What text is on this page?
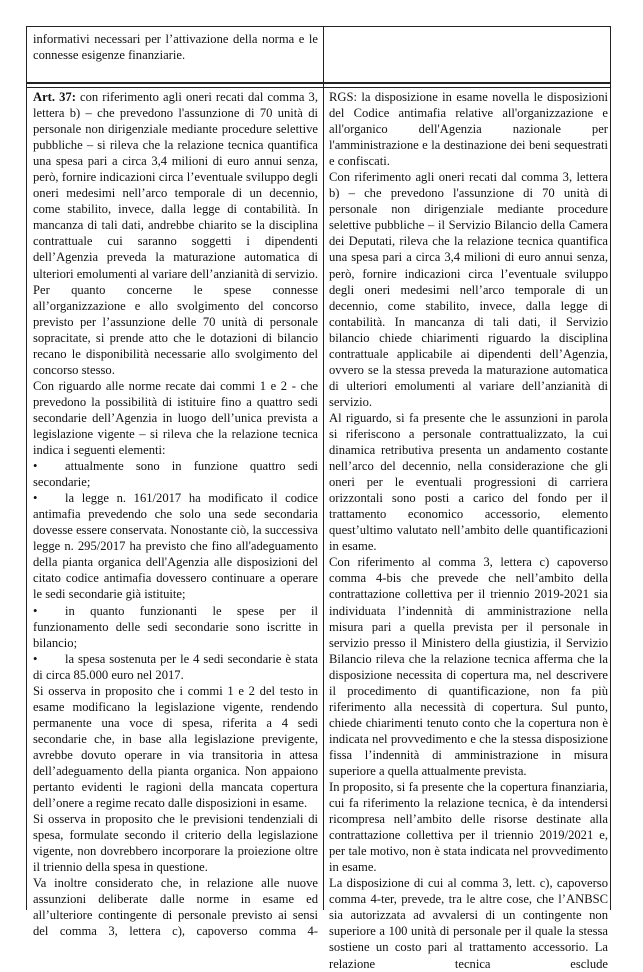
informativi necessari per l’attivazione della norma e le connesse esigenze finanziarie.

Art. 37: con riferimento agli oneri recati dal comma 3, lettera b) – che prevedono l'assunzione di 70 unità di personale non dirigenziale mediante procedure selettive pubbliche – si rileva che la relazione tecnica quantifica una spesa pari a circa 3,4 milioni di euro annui senza, però, fornire indicazioni circa l’eventuale sviluppo degli oneri medesimi nell’arco temporale di un decennio, come stabilito, invece, dalla legge di contabilità. In mancanza di tali dati, andrebbe chiarito se la disciplina contrattuale cui saranno soggetti i dipendenti dell’Agenzia preveda la maturazione automatica di ulteriori emolumenti al variare dell’anzianità di servizio.

Per quanto concerne le spese connesse all’organizzazione e allo svolgimento del concorso previsto per l’assunzione delle 70 unità di personale sopracitate, si prende atto che le dotazioni di bilancio recano le disponibilità necessarie allo svolgimento del concorso stesso.

Con riguardo alle norme recate dai commi 1 e 2 - che prevedono la possibilità di istituire fino a quattro sedi secondarie dell’Agenzia in luogo dell’unica prevista a legislazione vigente – si rileva che la relazione tecnica indica i seguenti elementi:

• attualmente sono in funzione quattro sedi secondarie;

• la legge n. 161/2017 ha modificato il codice antimafia prevedendo che solo una sede secondaria dovesse essere conservata. Nonostante ciò, la successiva legge n. 295/2017 ha previsto che fino all'adeguamento della pianta organica dell'Agenzia alle disposizioni del citato codice antimafia dovessero continuare a operare le sedi secondarie già istituite;

• in quanto funzionanti le spese per il funzionamento delle sedi secondarie sono iscritte in bilancio;

• la spesa sostenuta per le 4 sedi secondarie è stata di circa 85.000 euro nel 2017.

Si osserva in proposito che i commi 1 e 2 del testo in esame modificano la legislazione vigente, rendendo permanente una voce di spesa, riferita a 4 sedi secondarie che, in base alla legislazione previgente, avrebbe dovuto operare in via transitoria in attesa dell’adeguamento della pianta organica. Non appaiono pertanto evidenti le ragioni della mancata copertura dell’onere a regime recato dalle disposizioni in esame.

Si osserva in proposito che le previsioni tendenziali di spesa, formulate secondo il criterio della legislazione vigente, non dovrebbero incorporare la proiezione oltre il triennio della spesa in questione.

Va inoltre considerato che, in relazione alle nuove assunzioni deliberate dalle norme in esame ed all’ulteriore contingente di personale previsto ai sensi del comma 3, lettera c), capoverso comma 4-

RGS: la disposizione in esame novella le disposizioni del Codice antimafia relative all'organizzazione e all'organico dell'Agenzia nazionale per l'amministrazione e la destinazione dei beni sequestrati e confiscati.

Con riferimento agli oneri recati dal comma 3, lettera b) – che prevedono l'assunzione di 70 unità di personale non dirigenziale mediante procedure selettive pubbliche – il Servizio Bilancio della Camera dei Deputati, rileva che la relazione tecnica quantifica una spesa pari a circa 3,4 milioni di euro annui senza, però, fornire indicazioni circa l’eventuale sviluppo degli oneri medesimi nell’arco temporale di un decennio, come stabilito, invece, dalla legge di contabilità. In mancanza di tali dati, il Servizio bilancio chiede chiarimenti riguardo la disciplina contrattuale applicabile ai dipendenti dell’Agenzia, ovvero se la stessa preveda la maturazione automatica di ulteriori emolumenti al variare dell’anzianità di servizio.

Al riguardo, si fa presente che le assunzioni in parola si riferiscono a personale contrattualizzato, la cui dinamica retributiva presenta un andamento costante nell’arco del decennio, nella considerazione che gli oneri per le eventuali progressioni di carriera orizzontali sono posti a carico del fondo per il trattamento economico accessorio, elemento quest’ultimo valutato nell’ambito delle quantificazioni in esame.

Con riferimento al comma 3, lettera c) capoverso comma 4-bis che prevede che nell’ambito della contrattazione collettiva per il triennio 2019-2021 sia individuata l’indennità di amministrazione nella misura pari a quella prevista per il personale in servizio presso il Ministero della giustizia, il Servizio Bilancio rileva che la relazione tecnica afferma che la disposizione necessita di copertura ma, nel descrivere il procedimento di quantificazione, non fa più riferimento alla necessità di copertura. Sul punto, chiede chiarimenti tenuto conto che la copertura non è indicata nel provvedimento e che la stessa disposizione fissa l’indennità di amministrazione in misura superiore a quella attualmente prevista.

In proposito, si fa presente che la copertura finanziaria, cui fa riferimento la relazione tecnica, è da intendersi ricompresa nell’ambito delle risorse destinate alla contrattazione collettiva per il triennio 2019/2021 e, per tale motivo, non è stata indicata nel provvedimento in esame.

La disposizione di cui al comma 3, lett. c), capoverso comma 4-ter, prevede, tra le altre cose, che l’ANBSC sia autorizzata ad avvalersi di un contingente non superiore a 100 unità di personale per il quale la stessa sostiene un costo pari al trattamento accessorio. La relazione tecnica esclude
